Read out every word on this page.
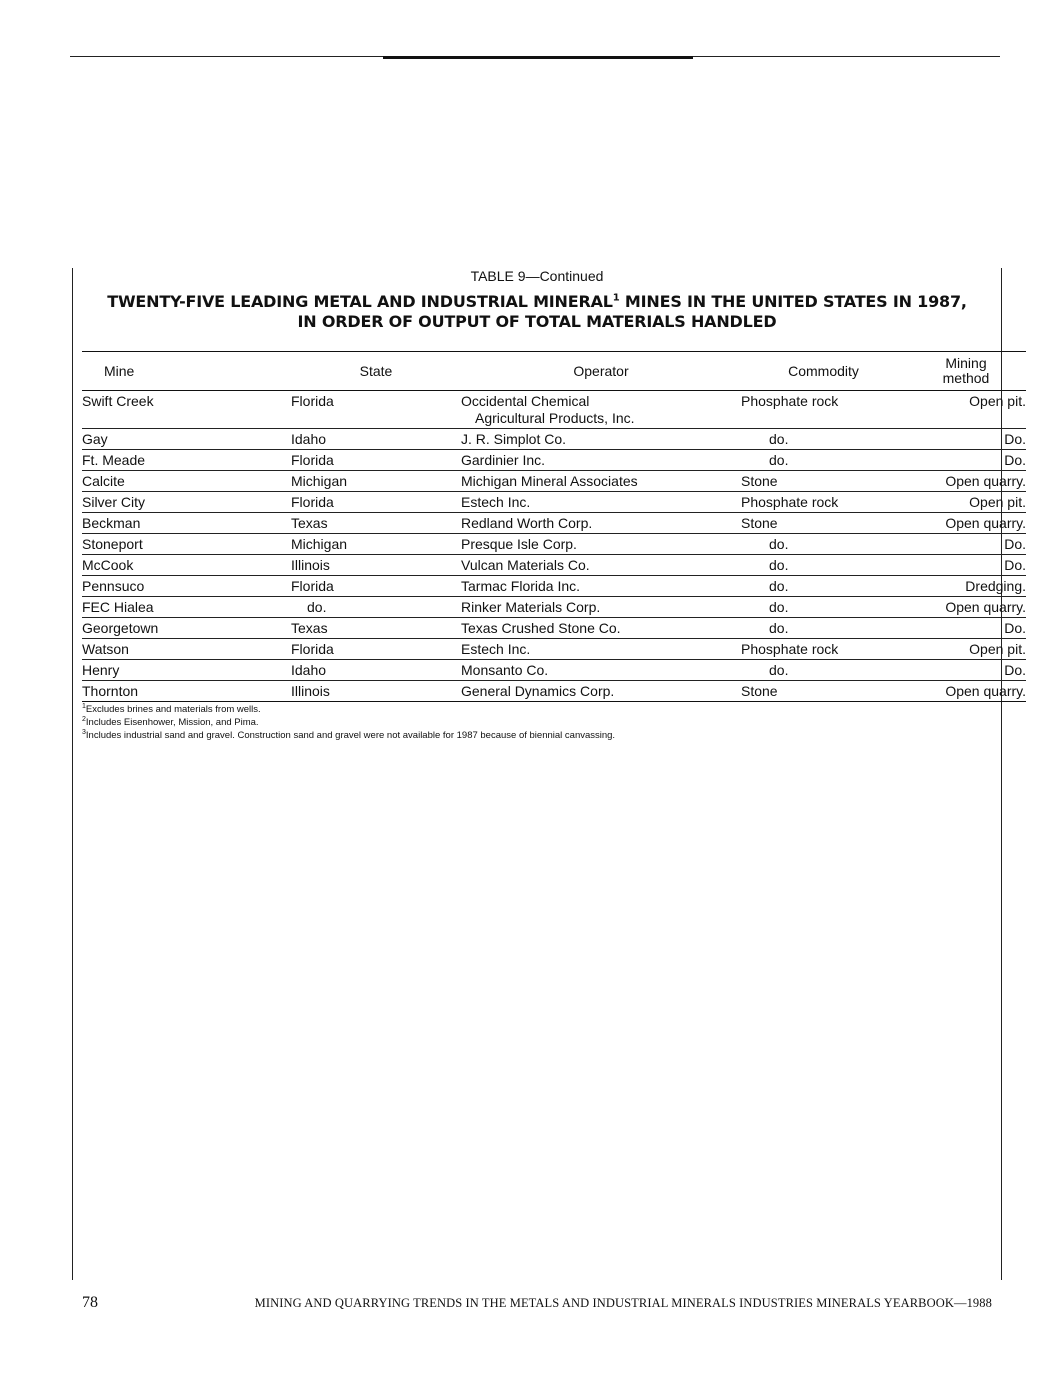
TABLE 9—Continued
TWENTY-FIVE LEADING METAL AND INDUSTRIAL MINERAL$^1$ MINES IN THE UNITED STATES IN 1987,
IN ORDER OF OUTPUT OF TOTAL MATERIALS HANDLED
Mine	State	Operator	Commodity	Mining
method
Swift Creek	Florida	Occidental Chemical
Agricultural Products, Inc.	Phosphate rock	Open pit.
Gay	Idaho	J. R. Simplot Co.	do.	Do.
Ft. Meade	Florida	Gardinier Inc.	do.	Do.
Calcite	Michigan	Michigan Mineral Associates	Stone	Open quarry.
Silver City	Florida	Estech Inc.	Phosphate rock	Open pit.
Beckman	Texas	Redland Worth Corp.	Stone	Open quarry.
Stoneport	Michigan	Presque Isle Corp.	do.	Do.
McCook	Illinois	Vulcan Materials Co.	do.	Do.
Pennsuco	Florida	Tarmac Florida Inc.	do.	Dredging.
FEC Hialea	do.	Rinker Materials Corp.	do.	Open quarry.
Georgetown	Texas	Texas Crushed Stone Co.	do.	Do.
Watson	Florida	Estech Inc.	Phosphate rock	Open pit.
Henry	Idaho	Monsanto Co.	do.	Do.
Thornton	Illinois	General Dynamics Corp.	Stone	Open quarry.
$^1$Excludes brines and materials from wells.
$^2$Includes Eisenhower, Mission, and Pima.
$^3$Includes industrial sand and gravel. Construction sand and gravel were not available for 1987 because of biennial canvassing.
78	MINING AND QUARRYING TRENDS IN THE METALS AND INDUSTRIAL MINERALS INDUSTRIES MINERALS YEARBOOK—1988
